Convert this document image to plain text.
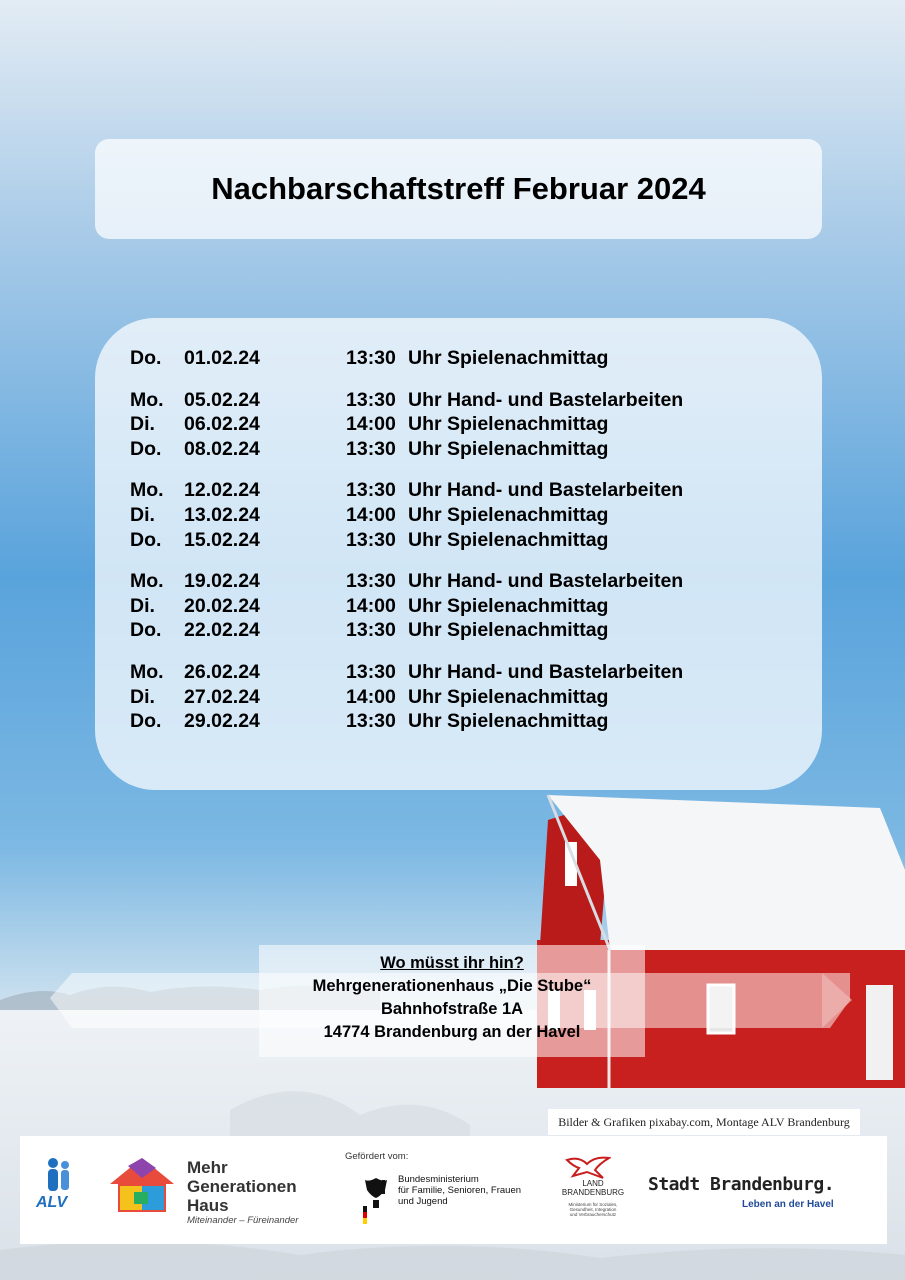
Nachbarschaftstreff Februar 2024
Do.	01.02.24	13:30 Uhr Spielenachmittag
Mo.	05.02.24	13:30 Uhr Hand- und Bastelarbeiten
Di.	06.02.24	14:00 Uhr Spielenachmittag
Do.	08.02.24	13:30 Uhr Spielenachmittag
Mo.	12.02.24	13:30 Uhr Hand- und Bastelarbeiten
Di.	13.02.24	14:00 Uhr Spielenachmittag
Do.	15.02.24	13:30 Uhr Spielenachmittag
Mo.	19.02.24	13:30 Uhr Hand- und Bastelarbeiten
Di.	20.02.24	14:00 Uhr Spielenachmittag
Do.	22.02.24	13:30 Uhr Spielenachmittag
Mo.	26.02.24	13:30 Uhr Hand- und Bastelarbeiten
Di.	27.02.24	14:00 Uhr Spielenachmittag
Do.	29.02.24	13:30 Uhr Spielenachmittag
Wo müsst ihr hin?
Mehrgenerationenhaus „Die Stube“
Bahnhofstraße 1A
14774 Brandenburg an der Havel
Bilder & Grafiken pixabay.com, Montage ALV Brandenburg
ALV
Mehr
Generationen
Haus
Miteinander – Füreinander
Gefördert vom:
Bundesministerium
für Familie, Senioren, Frauen
und Jugend
LAND
BRANDENBURG
Ministerium für Soziales,
Gesundheit, Integration
und Verbraucherschutz
Stadt Brandenburg.
Leben an der Havel
